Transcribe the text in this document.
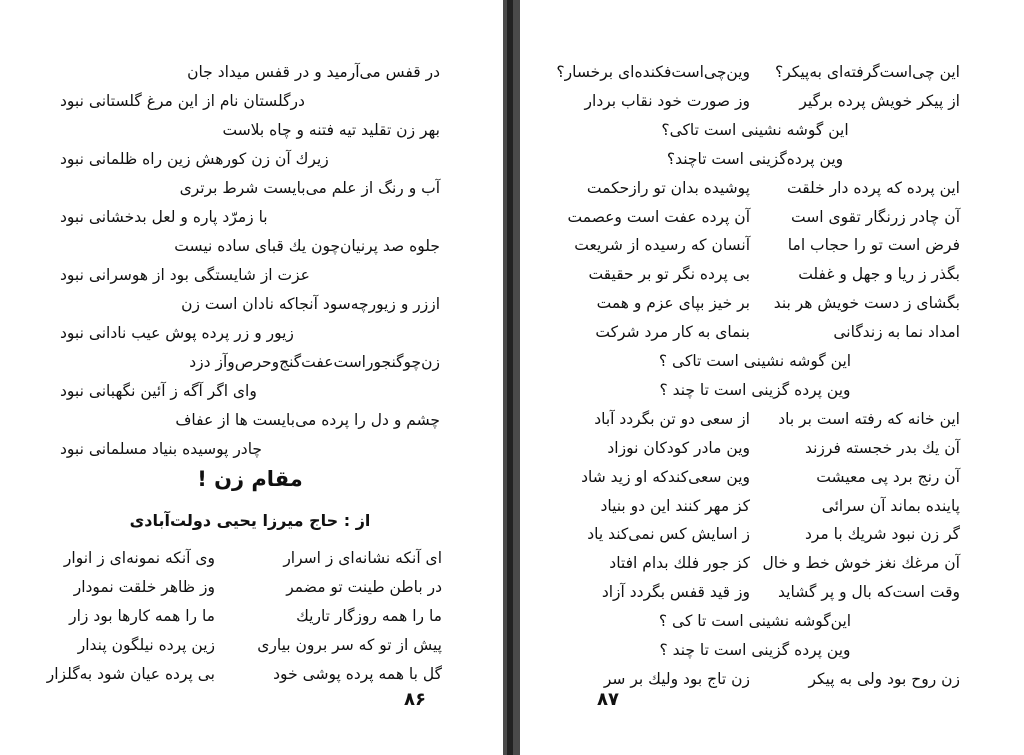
در قفس می‌آرمید و در قفس میداد جان
درگلستان نام از این مرغ گلستانی نبود
بهر زن تقلید تیه فتنه و چاه بلاست
زیرك آن زن کورهش زین راه ظلمانی نبود
آب و رنگ از علم می‌بایست شرط برتری
با زمرّد پاره و لعل بدخشانی نبود
جلوه صد پرنیان‌چون یك قبای ساده نیست
عزت از شایستگی بود از هوسرانی نبود
اززر و زیورچه‌سود آنجاکه نادان است زن
زیور و زر پرده پوش عیب نادانی نبود
زن‌چوگنجوراست‌عفت‌گنج‌وحرص‌وآز دزد
وای اگر آگه ز آئین نگهبانی نبود
چشم و دل را پرده می‌بایست ها از عفاف
چادر پوسیده بنیاد مسلمانی نبود
مقام زن !
از : حاج میرزا یحیی دولت‌آبادی
ای آنکه نشانه‌ای ز اسرار
وی آنکه نمونه‌ای ز انوار
در باطن طینت تو مضمر
وز ظاهر خلقت نمودار
ما را همه روزگار تاریك
ما را همه کارها بود زار
پیش از تو که سر برون بیاری
زین پرده نیلگون پندار
گل با همه پرده پوشی خود
بی پرده عیان شود به‌گلزار
۸۶
این چی‌است‌گرفته‌ای به‌پیکر؟
وین‌چی‌است‌فکنده‌ای برخسار؟
از پیکر خویش پرده برگیر
وز صورت خود نقاب بردار
این گوشه نشینی است تاکی؟
وین پرده‌گزینی است تاچند؟
این پرده که پرده دار خلقت
پوشیده بدان تو رازحکمت
آن چادر زرنگار تقوی است
آن پرده عفت است وعصمت
فرض است تو را حجاب اما
آنسان که رسیده از شریعت
بگذر ز ریا و جهل و غفلت
بی پرده نگر تو بر حقیقت
بگشای ز دست خویش هر بند
بر خیز بپای عزم و همت
امداد نما به زندگانی
بنمای به کار مرد شرکت
این گوشه نشینی است تاکی ؟
وین پرده گزینی است تا چند ؟
این خانه که رفته است بر باد
از سعی دو تن بگردد آباد
آن یك بدر خجسته فرزند
وین مادر کودکان نوزاد
آن رنج برد پی معیشت
وین سعی‌کندکه او زید شاد
پاینده بماند آن سرائی
کز مهر کنند این دو بنیاد
گر زن نبود شریك با مرد
ز اسایش کس نمی‌کند یاد
آن مرغك نغز خوش خط و خال
کز جور فلك بدام افتاد
وقت است‌که بال و پر گشاید
وز قید قفس بگردد آزاد
این‌گوشه نشینی است تا کی ؟
وین پرده گزینی است تا چند ؟
زن روح بود ولی به پیکر
زن تاج بود ولیك بر سر
۸۷
